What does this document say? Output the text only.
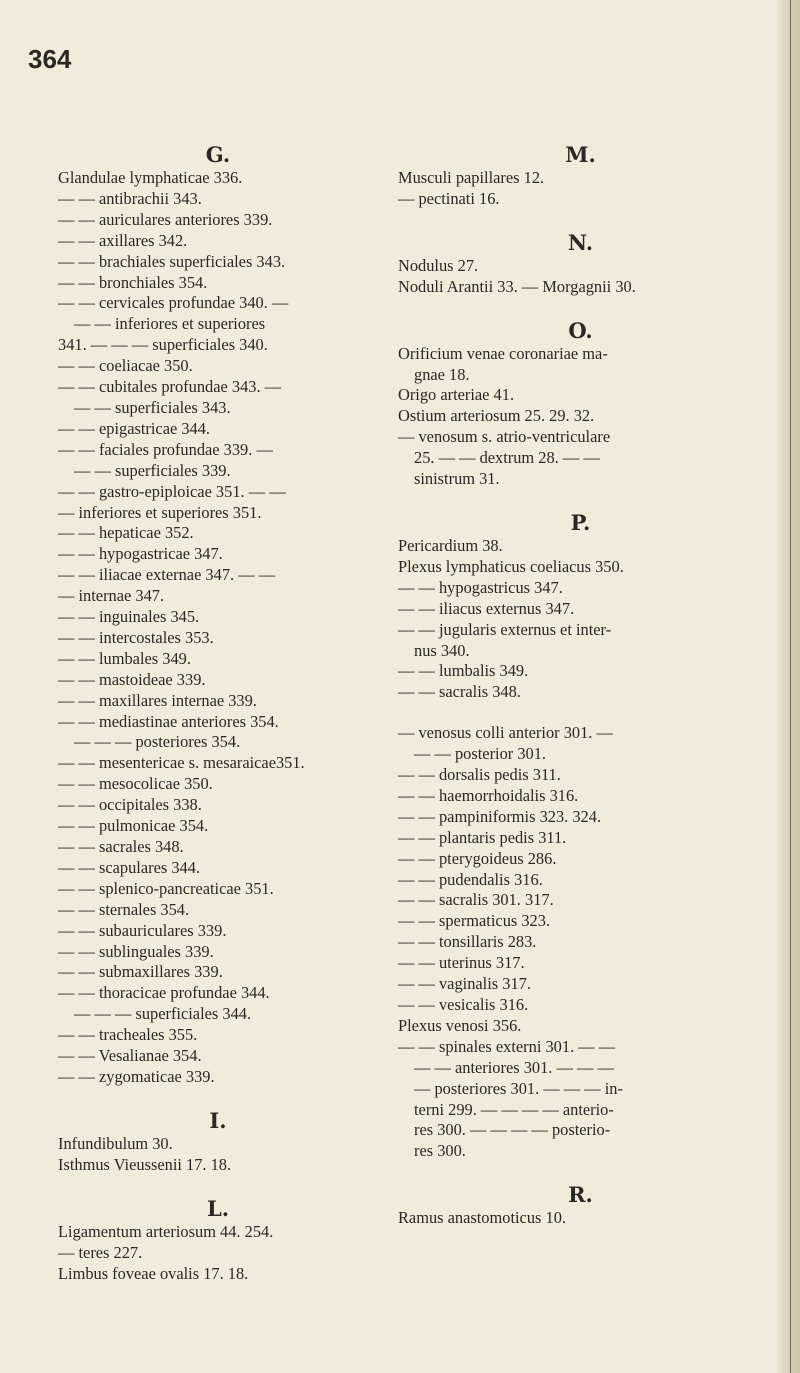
364
G.
Glandulae lymphaticae 336.
— — antibrachii 343.
— — auriculares anteriores 339.
— — axillares 342.
— — brachiales superficiales 343.
— — bronchiales 354.
— — cervicales profundae 340. —
— — inferiores et superiores
341. — — — superficiales 340.
— — coeliacae 350.
— — cubitales profundae 343. —
— — superficiales 343.
— — epigastricae 344.
— — faciales profundae 339. —
— — superficiales 339.
— — gastro-epiploicae 351. — —
— inferiores et superiores 351.
— — hepaticae 352.
— — hypogastricae 347.
— — iliacae externae 347. — —
— internae 347.
— — inguinales 345.
— — intercostales 353.
— — lumbales 349.
— — mastoideae 339.
— — maxillares internae 339.
— — mediastinae anteriores 354.
— — — posteriores 354.
— — mesentericae s. mesaraicae351.
— — mesocolicae 350.
— — occipitales 338.
— — pulmonicae 354.
— — sacrales 348.
— — scapulares 344.
— — splenico-pancreaticae 351.
— — sternales 354.
— — subauriculares 339.
— — sublinguales 339.
— — submaxillares 339.
— — thoracicae profundae 344.
— — — superficiales 344.
— — tracheales 355.
— — Vesalianae 354.
— — zygomaticae 339.
I.
Infundibulum 30.
Isthmus Vieussenii 17. 18.
L.
Ligamentum arteriosum 44. 254.
— teres 227.
Limbus foveae ovalis 17. 18.
M.
Musculi papillares 12.
— pectinati 16.
N.
Nodulus 27.
Noduli Arantii 33. — Morgagnii 30.
O.
Orificium venae coronariae ma-
gnae 18.
Origo arteriae 41.
Ostium arteriosum 25. 29. 32.
— venosum s. atrio-ventriculare
25. — — dextrum 28. — —
sinistrum 31.
P.
Pericardium 38.
Plexus lymphaticus coeliacus 350.
— — hypogastricus 347.
— — iliacus externus 347.
— — jugularis externus et inter-
nus 340.
— — lumbalis 349.
— — sacralis 348.
— venosus colli anterior 301. —
— — posterior 301.
— — dorsalis pedis 311.
— — haemorrhoidalis 316.
— — pampiniformis 323. 324.
— — plantaris pedis 311.
— — pterygoideus 286.
— — pudendalis 316.
— — sacralis 301. 317.
— — spermaticus 323.
— — tonsillaris 283.
— — uterinus 317.
— — vaginalis 317.
— — vesicalis 316.
Plexus venosi 356.
— — spinales externi 301. — —
— — anteriores 301. — — —
— posteriores 301. — — — in-
terni 299. — — — — anterio-
res 300. — — — — posterio-
res 300.
R.
Ramus anastomoticus 10.
